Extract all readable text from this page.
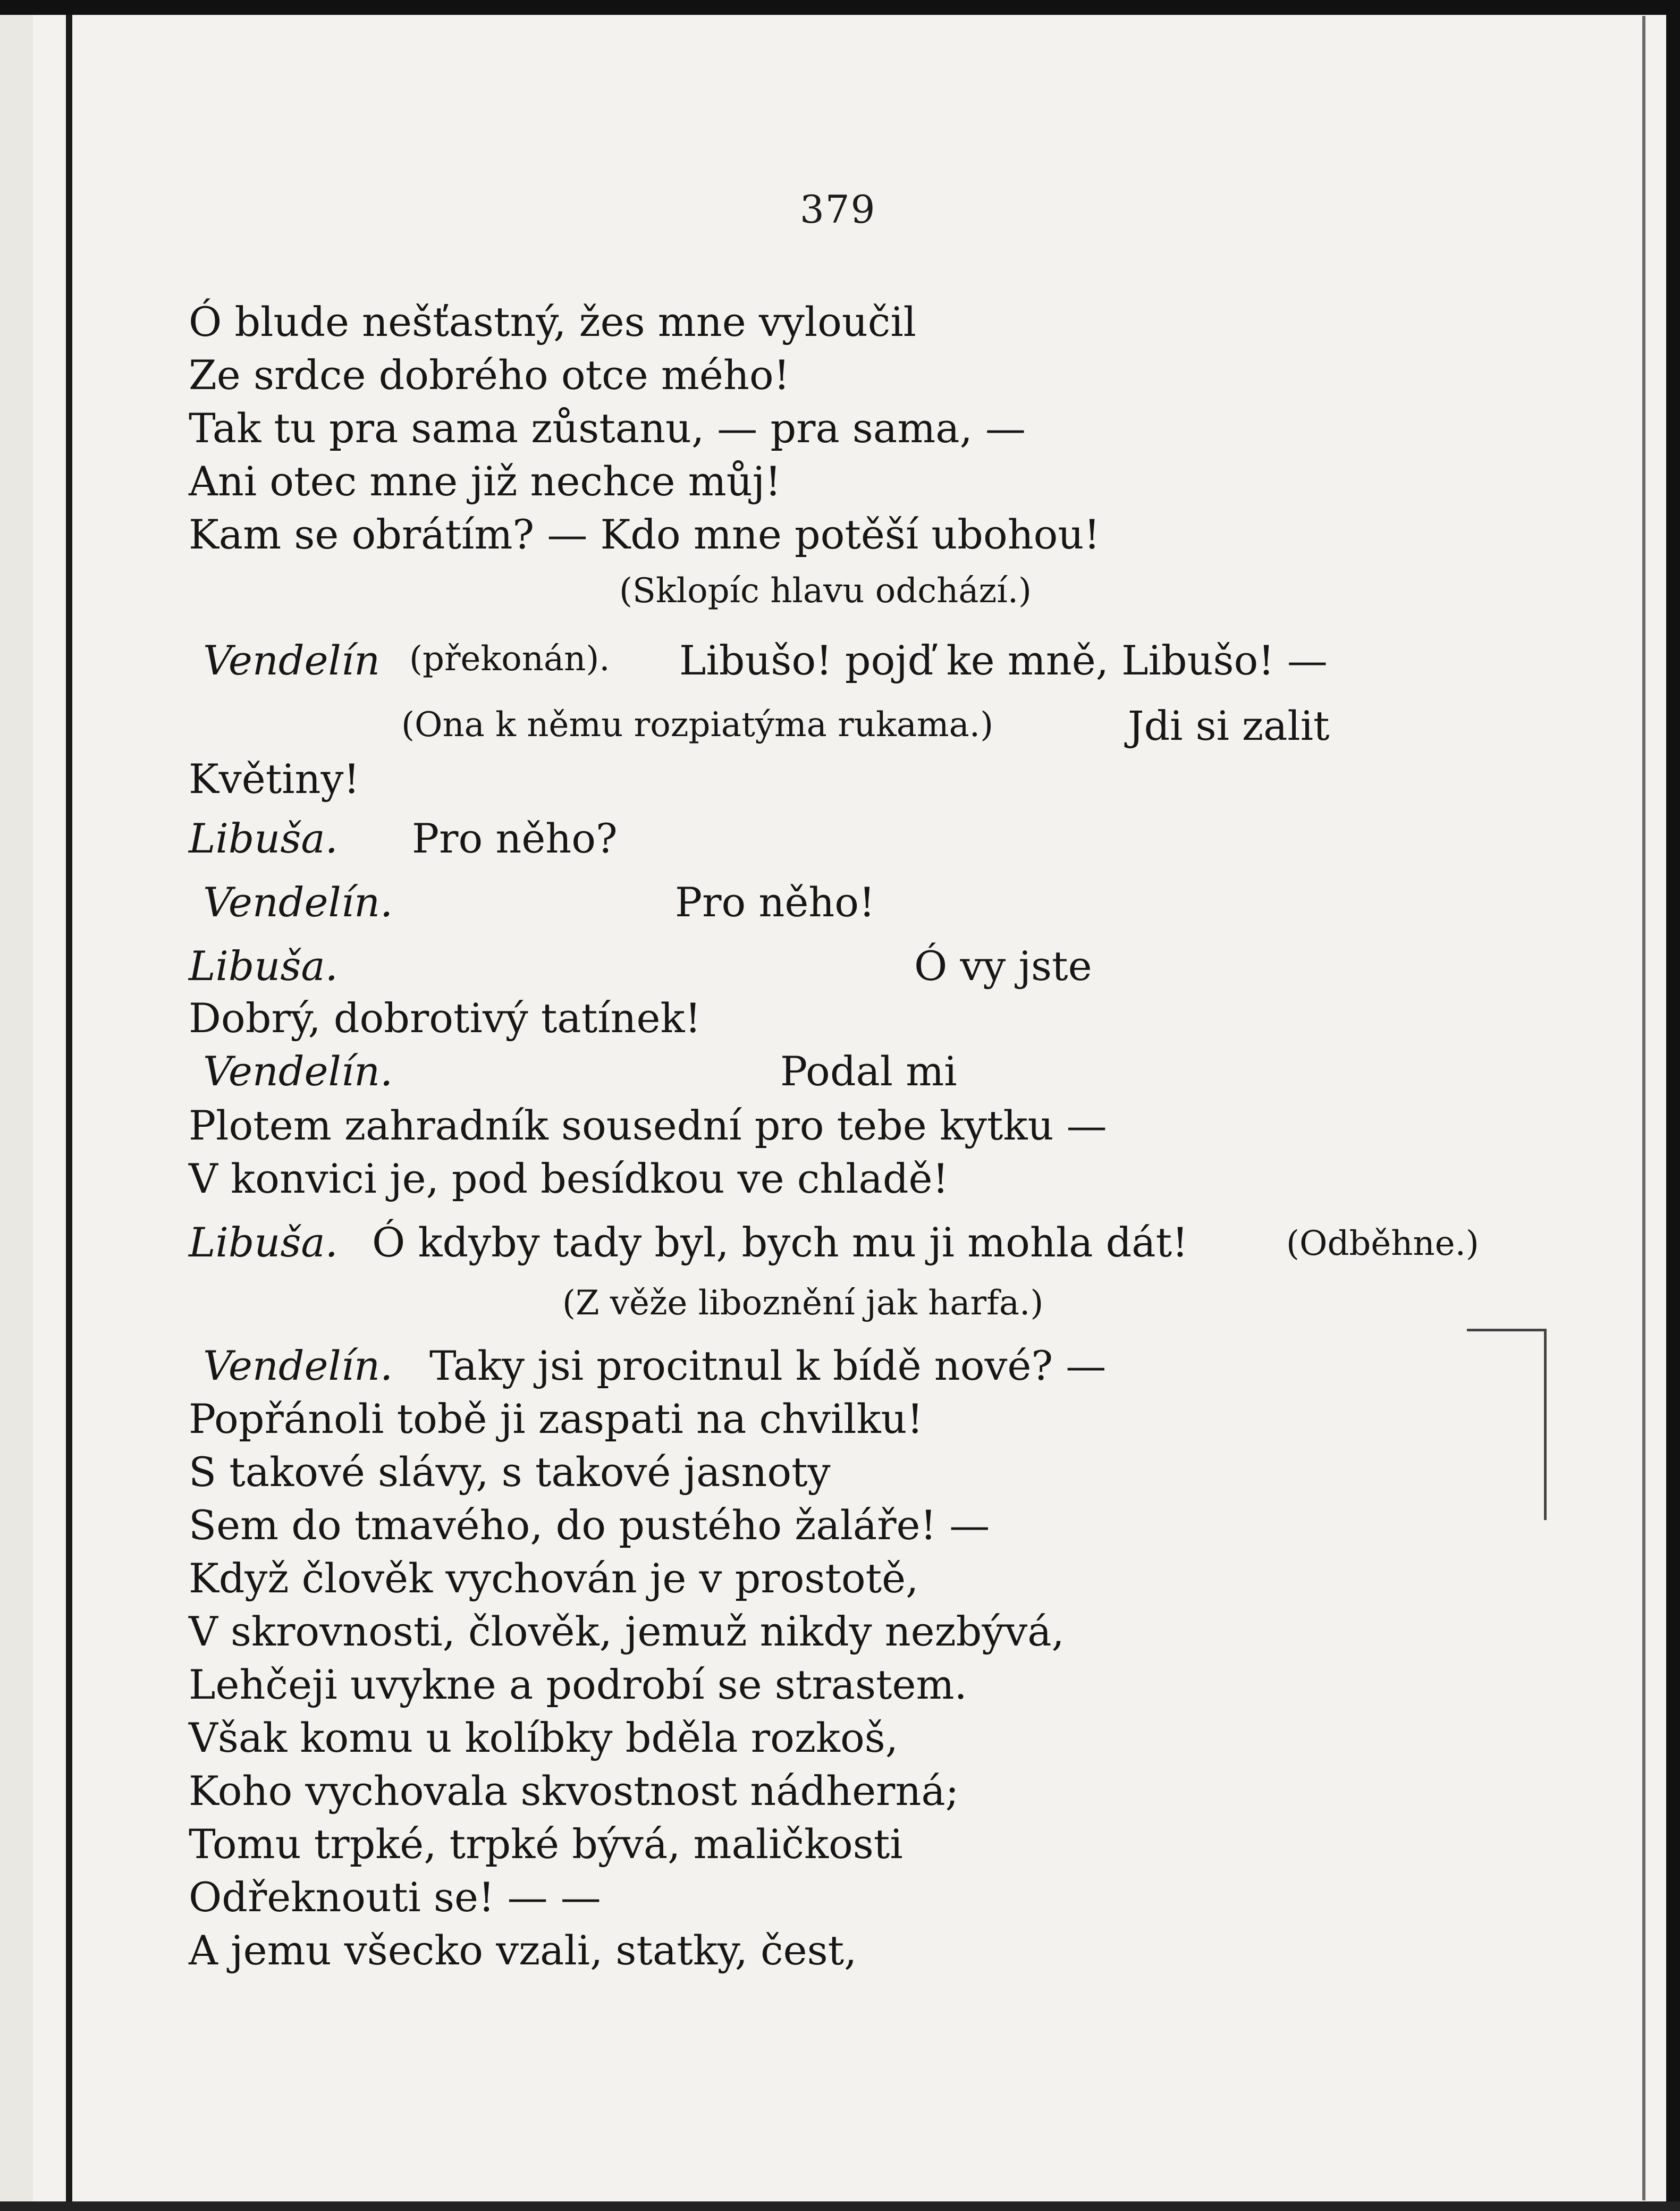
379
Ó blude nešťastný, žes mne vyloučil
Ze srdce dobrého otce mého!
Tak tu pra sama zůstanu, — pra sama, —
Ani otec mne již nechce můj!
Kam se obrátím? — Kdo mne potěší ubohou!
(Sklopíc hlavu odchází.)
Vendelín (překonán). Libušo! pojď ke mně, Libušo! —
(Ona k němu rozpiatýma rukama.)	Jdi si zalit
Květiny!
Libuša. Pro něho?
Vendelín.	Pro něho!
Libuša.	Ó vy jste
Dobrý, dobrotivý tatínek!
Vendelín.	Podal mi
Plotem zahradník sousední pro tebe kytku —
V konvici je, pod besídkou ve chladě!
Libuša. Ó kdyby tady byl, bych mu ji mohla dát!	(Odběhne.)
(Z věže liboznění jak harfa.)
Vendelín. Taky jsi procitnul k bídě nové? —
Popřánoli tobě ji zaspati na chvilku!
S takové slávy, s takové jasnoty
Sem do tmavého, do pustého žaláře! —
Když člověk vychován je v prostotě,
V skrovnosti, člověk, jemuž nikdy nezbývá,
Lehčeji uvykne a podrobí se strastem.
Však komu u kolíbky bděla rozkoš,
Koho vychovala skvostnost nádherná;
Tomu trpké, trpké bývá, maličkosti
Odřeknouti se! — —
A jemu všecko vzali, statky, čest,
